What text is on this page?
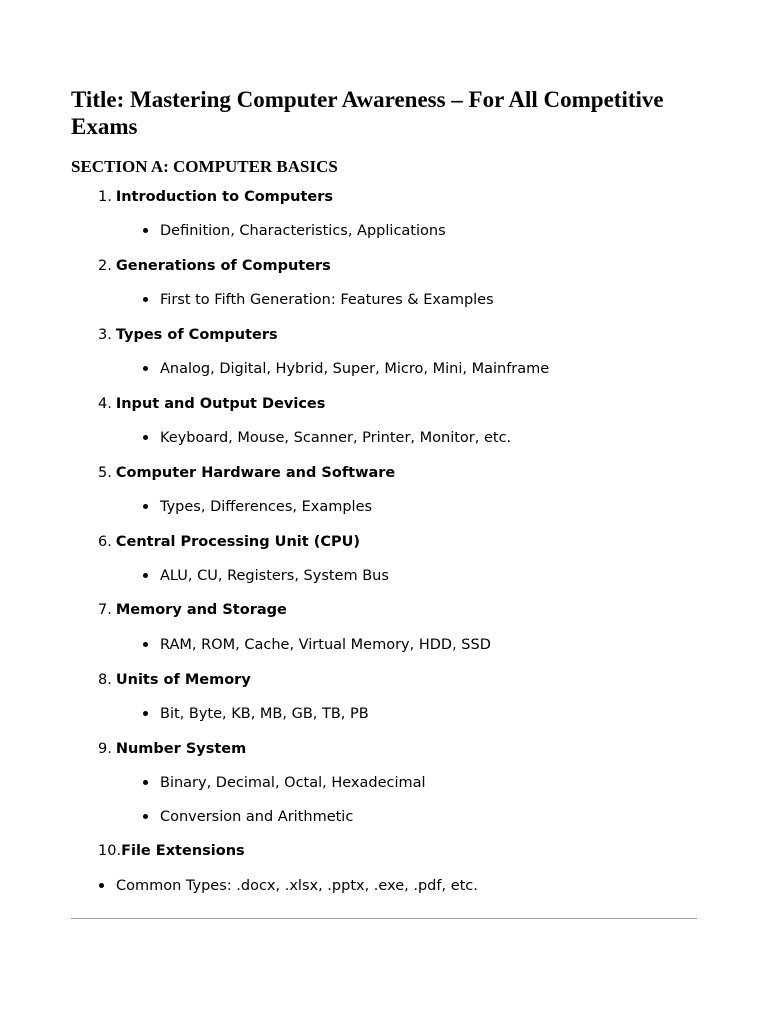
Title: Mastering Computer Awareness – For All Competitive Exams
SECTION A: COMPUTER BASICS
1. Introduction to Computers
Definition, Characteristics, Applications
2. Generations of Computers
First to Fifth Generation: Features & Examples
3. Types of Computers
Analog, Digital, Hybrid, Super, Micro, Mini, Mainframe
4. Input and Output Devices
Keyboard, Mouse, Scanner, Printer, Monitor, etc.
5. Computer Hardware and Software
Types, Differences, Examples
6. Central Processing Unit (CPU)
ALU, CU, Registers, System Bus
7. Memory and Storage
RAM, ROM, Cache, Virtual Memory, HDD, SSD
8. Units of Memory
Bit, Byte, KB, MB, GB, TB, PB
9. Number System
Binary, Decimal, Octal, Hexadecimal
Conversion and Arithmetic
10.File Extensions
Common Types: .docx, .xlsx, .pptx, .exe, .pdf, etc.
